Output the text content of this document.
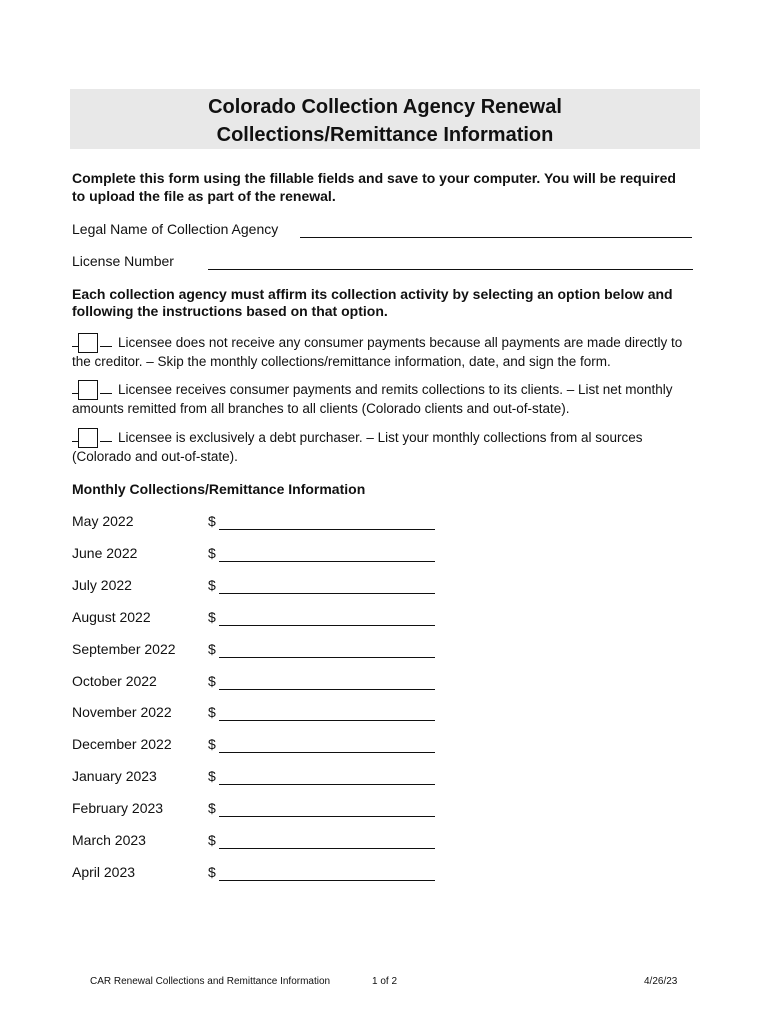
Colorado Collection Agency Renewal
Collections/Remittance Information
Complete this form using the fillable fields and save to your computer. You will be required to upload the file as part of the renewal.
Legal Name of Collection Agency
License Number
Each collection agency must affirm its collection activity by selecting an option below and following the instructions based on that option.
Licensee does not receive any consumer payments because all payments are made directly to the creditor. – Skip the monthly collections/remittance information, date, and sign the form.
Licensee receives consumer payments and remits collections to its clients. – List net monthly amounts remitted from all branches to all clients (Colorado clients and out-of-state).
Licensee is exclusively a debt purchaser. – List your monthly collections from al sources (Colorado and out-of-state).
Monthly Collections/Remittance Information
May 2022	$
June 2022	$
July 2022	$
August 2022	$
September 2022 $
October 2022	$
November 2022	$
December 2022	$
January 2023	$
February 2023	$
March 2023	$
April 2023	$
CAR Renewal Collections and Remittance Information	1 of 2	4/26/23
